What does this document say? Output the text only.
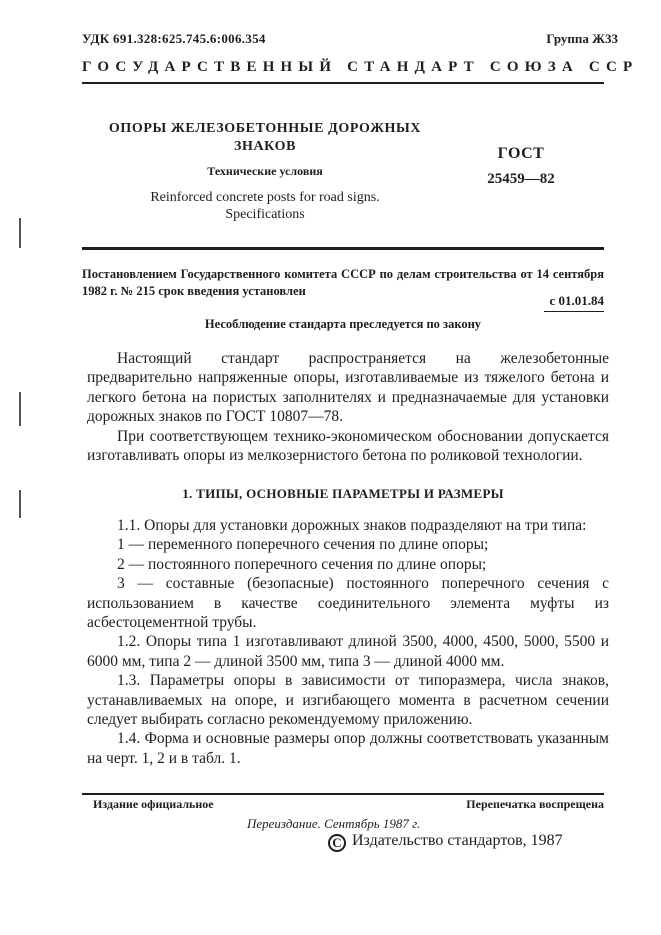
УДК 691.328:625.745.6:006.354	Группа Ж33
ГОСУДАРСТВЕННЫЙ СТАНДАРТ СОЮЗА ССР
ОПОРЫ ЖЕЛЕЗОБЕТОННЫЕ ДОРОЖНЫХ
ЗНАКОВ
Технические условия
Reinforced concrete posts for road signs.
Specifications
ГОСТ
25459—82
Постановлением Государственного комитета СССР по делам строительства от 14 сентября 1982 г. № 215 срок введения установлен
с 01.01.84
Несоблюдение стандарта преследуется по закону

Настоящий стандарт распространяется на железобетонные предварительно напряженные опоры, изготавливаемые из тяжелого бетона и легкого бетона на пористых заполнителях и предназначаемые для установки дорожных знаков по ГОСТ 10807—78.

При соответствующем технико-экономическом обосновании допускается изготавливать опоры из мелкозернистого бетона по роликовой технологии.

1. ТИПЫ, ОСНОВНЫЕ ПАРАМЕТРЫ И РАЗМЕРЫ

1.1. Опоры для установки дорожных знаков подразделяют на три типа:

1 — переменного поперечного сечения по длине опоры;

2 — постоянного поперечного сечения по длине опоры;

3 — составные (безопасные) постоянного поперечного сечения с использованием в качестве соединительного элемента муфты из асбестоцементной трубы.

1.2. Опоры типа 1 изготавливают длиной 3500, 4000, 4500, 5000, 5500 и 6000 мм, типа 2 — длиной 3500 мм, типа 3 — длиной 4000 мм.

1.3. Параметры опоры в зависимости от типоразмера, числа знаков, устанавливаемых на опоре, и изгибающего момента в расчетном сечении следует выбирать согласно рекомендуемому приложению.

1.4. Форма и основные размеры опор должны соответствовать указанным на черт. 1, 2 и в табл. 1.

Издание официальное	Перепечатка воспрещена
Переиздание. Сентябрь 1987 г.
С Издательство стандартов, 1987
